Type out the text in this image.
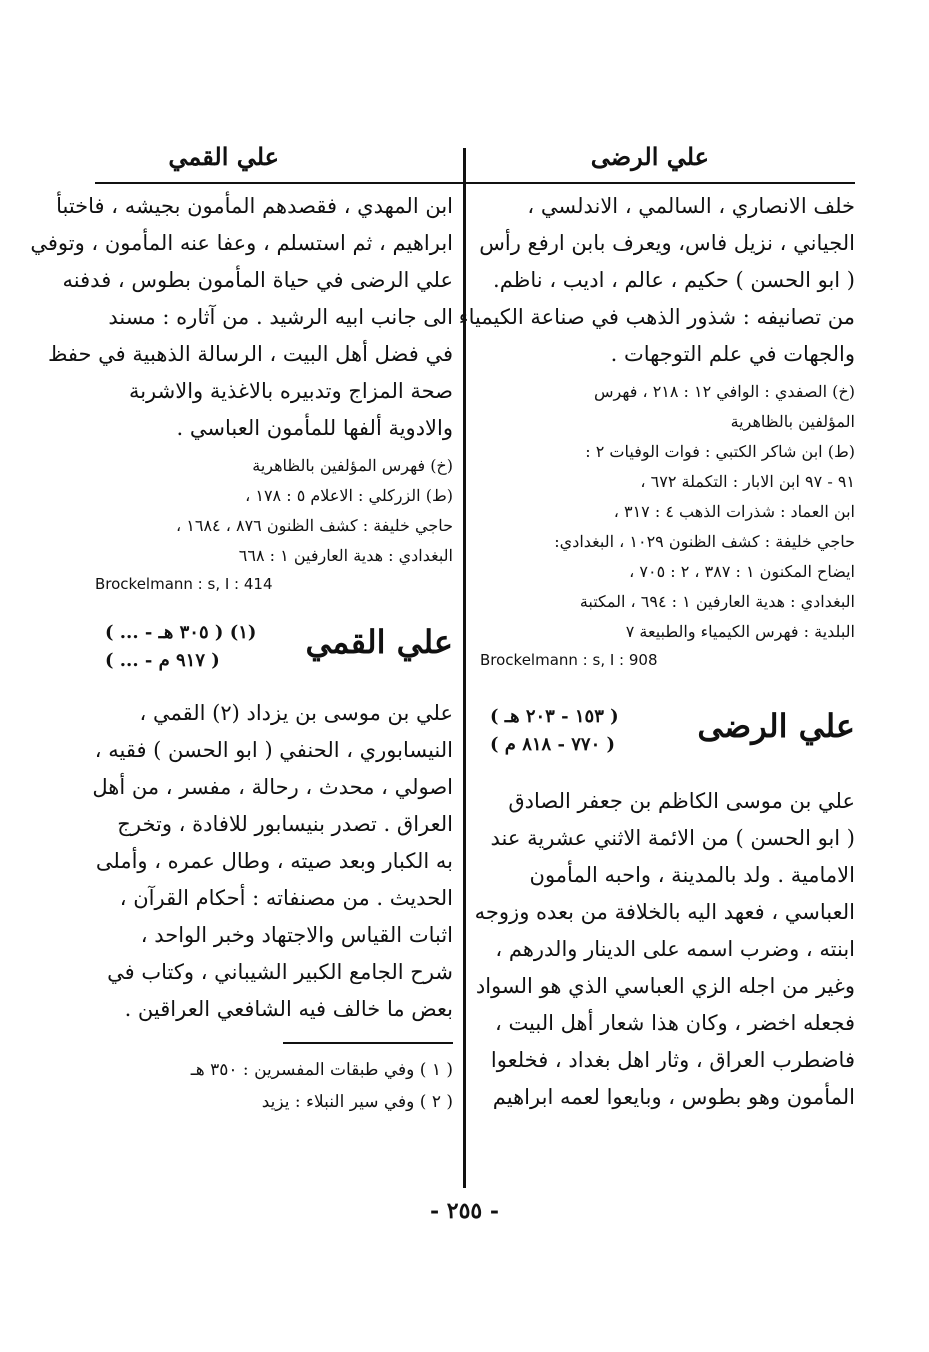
علي الرضى
علي القمي
خلف الانصاري ، السالمي ، الاندلسي ،
الجياني ، نزيل فاس، ويعرف بابن ارفع رأس
( ابو الحسن ) حكيم ، عالم ، اديب ، ناظم.
من تصانيفه : شذور الذهب في صناعة الكيمياء
والجهات في علم التوجهات .
(خ) الصفدي : الوافي ١٢ : ٢١٨ ، فهرس
المؤلفين بالظاهرية
(ط) ابن شاكر الكتبي : فوات الوفيات ٢ :
٩١ - ٩٧ ابن الابار : التكملة ٦٧٢ ،
ابن العماد : شذرات الذهب ٤ : ٣١٧ ،
حاجي خليفة : كشف الظنون ١٠٢٩ ، البغدادي:
ايضاح المكنون ١ : ٣٨٧ ، ٢ : ٧٠٥ ،
البغدادي : هدية العارفين ١ : ٦٩٤ ، المكتبة
البلدية : فهرس الكيمياء والطبيعة ٧
Brockelmann : s, I : 908
علي الرضى
( ١٥٣ - ٢٠٣ هـ )
( ٧٧٠ - ٨١٨ م )
علي بن موسى الكاظم بن جعفر الصادق
( ابو الحسن ) من الائمة الاثني عشرية عند
الامامية . ولد بالمدينة ، واحبه المأمون
العباسي ، فعهد اليه بالخلافة من بعده وزوجه
ابنته ، وضرب اسمه على الدينار والدرهم ،
وغير من اجله الزي العباسي الذي هو السواد
فجعله اخضر ، وكان هذا شعار أهل البيت ،
فاضطرب العراق ، وثار اهل بغداد ، فخلعوا
المأمون وهو بطوس ، وبايعوا لعمه ابراهيم
ابن المهدي ، فقصدهم المأمون بجيشه ، فاختبأ
ابراهيم ، ثم استسلم ، وعفا عنه المأمون ، وتوفي
علي الرضى في حياة المأمون بطوس ، فدفنه
الى جانب ابيه الرشيد . من آثاره : مسند
في فضل أهل البيت ، الرسالة الذهبية في حفظ
صحة المزاج وتدبيره بالاغذية والاشربة
والادوية ألفها للمأمون العباسي .
(خ) فهرس المؤلفين بالظاهرية
(ط) الزركلي : الاعلام ٥ : ١٧٨ ،
حاجي خليفة : كشف الظنون ٨٧٦ ، ١٦٨٤ ،
البغدادي : هدية العارفين ١ : ٦٦٨
Brockelmann : s, I : 414
علي القمي
( ... - ٣٠٥ هـ ) (١)
( ... - ٩١٧ م )
علي بن موسى بن يزداد (٢) القمي ،
النيسابوري ، الحنفي ( ابو الحسن ) فقيه ،
اصولي ، محدث ، رحالة ، مفسر ، من أهل
العراق . تصدر بنيسابور للافادة ، وتخرج
به الكبار وبعد صيته ، وطال عمره ، وأملى
الحديث . من مصنفاته : أحكام القرآن ،
اثبات القياس والاجتهاد وخبر الواحد ،
شرح الجامع الكبير الشيباني ، وكتاب في
بعض ما خالف فيه الشافعي العراقين .
( ١ ) وفي طبقات المفسرين : ٣٥٠ هـ
( ٢ ) وفي سير النبلاء : يزيد
- ٢٥٥ -
